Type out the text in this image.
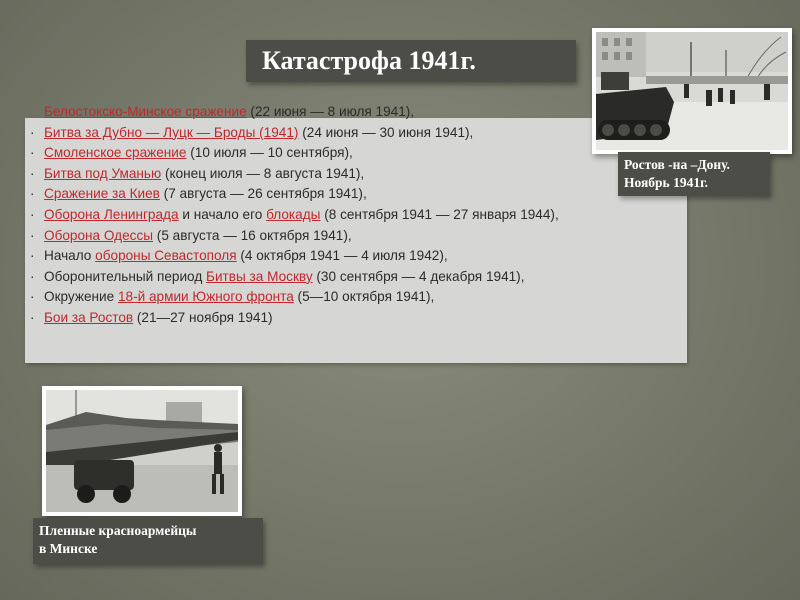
Катастрофа 1941г.
Белостокско-Минское сражение (22 июня — 8 июля 1941),
· Битва за Дубно — Луцк — Броды (1941) (24 июня — 30 июня 1941),
· Смоленское сражение (10 июля — 10 сентября),
· Битва под Уманью (конец июля — 8 августа 1941),
· Сражение за Киев (7 августа — 26 сентября 1941),
· Оборона Ленинграда и начало его блокады (8 сентября 1941 — 27 января 1944),
· Оборона Одессы (5 августа — 16 октября 1941),
· Начало обороны Севастополя (4 октября 1941 — 4 июля 1942),
· Оборонительный период Битвы за Москву (30 сентября — 4 декабря 1941),
· Окружение 18-й армии Южного фронта (5—10 октября 1941),
· Бои за Ростов (21—27 ноября 1941)
Ростов -на –Дону.
Ноябрь 1941г.
Пленные красноармейцы
в Минске
